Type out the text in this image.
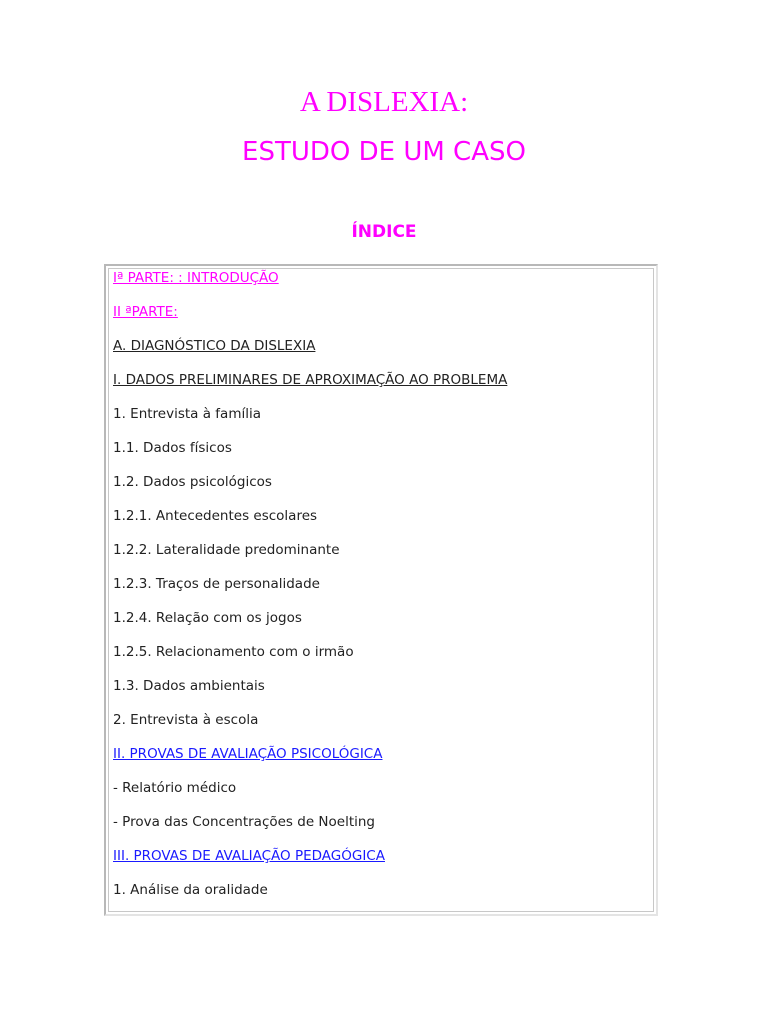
A DISLEXIA:
ESTUDO DE UM CASO
ÍNDICE
Iª PARTE: : INTRODUÇÃO
II ªPARTE:
A. DIAGNÓSTICO DA DISLEXIA
I. DADOS PRELIMINARES DE APROXIMAÇÃO AO PROBLEMA
1. Entrevista à família
1.1. Dados físicos
1.2. Dados psicológicos
1.2.1. Antecedentes escolares
1.2.2. Lateralidade predominante
1.2.3. Traços de personalidade
1.2.4. Relação com os jogos
1.2.5. Relacionamento com o irmão
1.3. Dados ambientais
2. Entrevista à escola
II. PROVAS DE AVALIAÇÃO PSICOLÓGICA
- Relatório médico
- Prova das Concentrações de Noelting
III. PROVAS DE AVALIAÇÃO PEDAGÓGICA
1. Análise da oralidade
